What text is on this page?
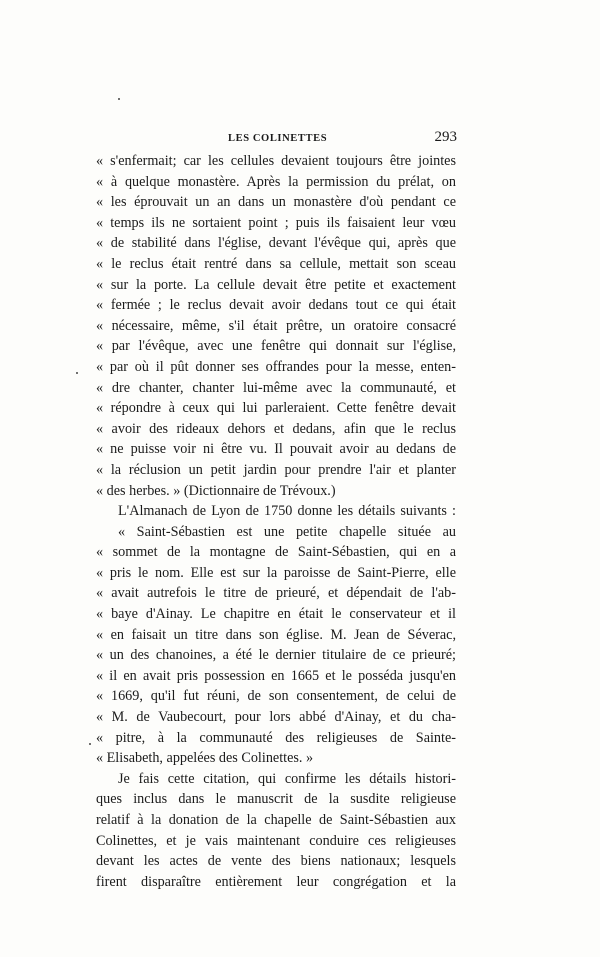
LES COLINETTES	293
« s'enfermait; car les cellules devaient toujours être jointes
« à quelque monastère. Après la permission du prélat, on
« les éprouvait un an dans un monastère d'où pendant ce
« temps ils ne sortaient point ; puis ils faisaient leur vœu
« de stabilité dans l'église, devant l'évêque qui, après que
« le reclus était rentré dans sa cellule, mettait son sceau
« sur la porte. La cellule devait être petite et exactement
« fermée ; le reclus devait avoir dedans tout ce qui était
« nécessaire, même, s'il était prêtre, un oratoire consacré
« par l'évêque, avec une fenêtre qui donnait sur l'église,
« par où il pût donner ses offrandes pour la messe, enten-
« dre chanter, chanter lui-même avec la communauté, et
« répondre à ceux qui lui parleraient. Cette fenêtre devait
« avoir des rideaux dehors et dedans, afin que le reclus
« ne puisse voir ni être vu. Il pouvait avoir au dedans de
« la réclusion un petit jardin pour prendre l'air et planter
« des herbes. » (Dictionnaire de Trévoux.)
L'Almanach de Lyon de 1750 donne les détails suivants :
« Saint-Sébastien est une petite chapelle située au
« sommet de la montagne de Saint-Sébastien, qui en a
« pris le nom. Elle est sur la paroisse de Saint-Pierre, elle
« avait autrefois le titre de prieuré, et dépendait de l'ab-
« baye d'Ainay. Le chapitre en était le conservateur et il
« en faisait un titre dans son église. M. Jean de Séverac,
« un des chanoines, a été le dernier titulaire de ce prieuré;
« il en avait pris possession en 1665 et le posséda jusqu'en
« 1669, qu'il fut réuni, de son consentement, de celui de
« M. de Vaubecourt, pour lors abbé d'Ainay, et du cha-
« pitre, à la communauté des religieuses de Sainte-
« Elisabeth, appelées des Colinettes. »
Je fais cette citation, qui confirme les détails histori-
ques inclus dans le manuscrit de la susdite religieuse
relatif à la donation de la chapelle de Saint-Sébastien aux
Colinettes, et je vais maintenant conduire ces religieuses
devant les actes de vente des biens nationaux; lesquels
firent disparaître entièrement leur congrégation et la
